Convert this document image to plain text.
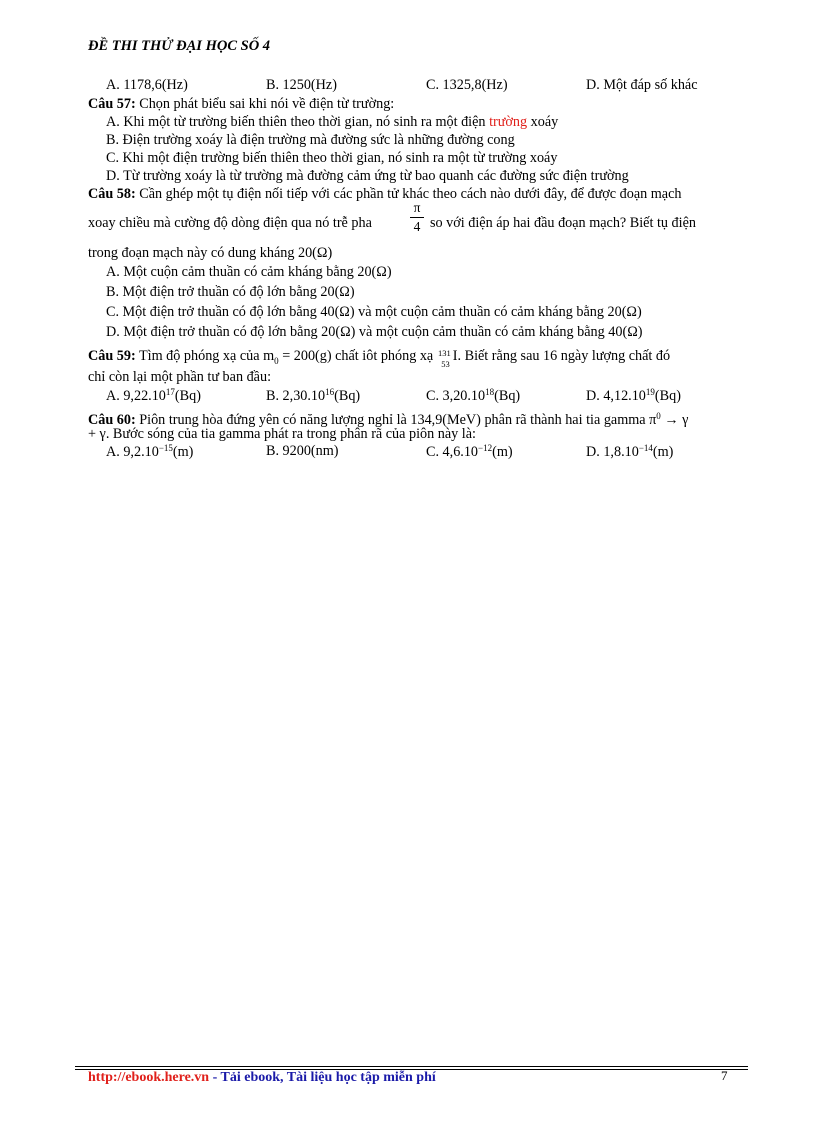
ĐỀ THI THỬ ĐẠI HỌC SỐ 4
A. 1178,6(Hz)	B. 1250(Hz)	C. 1325,8(Hz)	D. Một đáp số khác
Câu 57: Chọn phát biểu sai khi nói về điện từ trường:
A. Khi một từ trường biến thiên theo thời gian, nó sinh ra một điện trường xoáy
B. Điện trường xoáy là điện trường mà đường sức là những đường cong
C. Khi một điện trường biến thiên theo thời gian, nó sinh ra một từ trường xoáy
D. Từ trường xoáy là từ trường mà đường cảm ứng từ bao quanh các đường sức điện trường
Câu 58: Cần ghép một tụ điện nối tiếp với các phần tử khác theo cách nào dưới đây, để được đoạn mạch
xoay chiều mà cường độ dòng điện qua nó trễ pha
π
4 so với điện áp hai đầu đoạn mạch? Biết tụ điện
trong đoạn mạch này có dung kháng 20(Ω)
A. Một cuộn cảm thuần có cảm kháng bằng 20(Ω)
B. Một điện trở thuần có độ lớn bằng 20(Ω)
C. Một điện trở thuần có độ lớn bằng 40(Ω) và một cuộn cảm thuần có cảm kháng bằng 20(Ω)
D. Một điện trở thuần có độ lớn bằng 20(Ω) và một cuộn cảm thuần có cảm kháng bằng 40(Ω)
Câu 59: Tìm độ phóng xạ của $m_0 = 200(g)$ chất iôt phóng xạ 131
53 I. Biết rằng sau 16 ngày lượng chất đó
chỉ còn lại một phần tư ban đầu:
A. 9,22.10$^{17}$(Bq)	B. 2,30.10$^{16}$(Bq)	C. 3,20.10$^{18}$(Bq)	D. 4,12.10$^{19}$(Bq)
Câu 60: Piôn trung hòa đứng yên có năng lượng nghỉ là 134,9(MeV) phân rã thành hai tia gamma $\pi^0 \to \gamma$
+ γ. Bước sóng của tia gamma phát ra trong phân rã của piôn này là:
A. $9,2.10^{-15}(m)$	B. 9200(nm)	C. $4,6.10^{-12}(m)$	D. $1,8.10^{-14}(m)$
http://ebook.here.vn - Tải ebook, Tài liệu học tập miễn phí	7
